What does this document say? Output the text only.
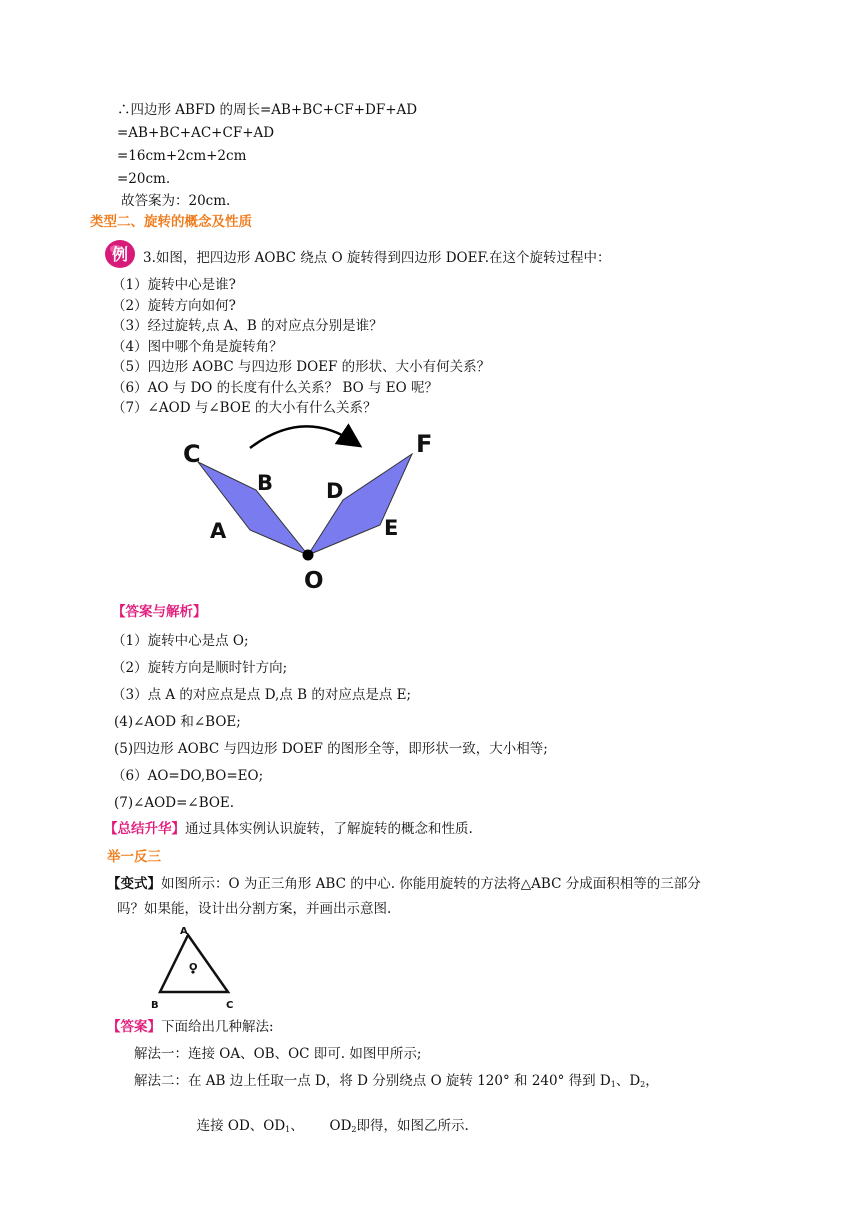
∴四边形 ABFD 的周长=AB+BC+CF+DF+AD
=AB+BC+AC+CF+AD
=16cm+2cm+2cm
=20cm.
故答案为：20cm.
类型二、旋转的概念及性质
例 3.如图，把四边形 AOBC 绕点 O 旋转得到四边形 DOEF.在这个旋转过程中：
（1）旋转中心是谁?
（2）旋转方向如何?
（3）经过旋转,点 A、B 的对应点分别是谁？
（4）图中哪个角是旋转角？
（5）四边形 AOBC 与四边形 DOEF 的形状、大小有何关系？
（6）AO 与 DO 的长度有什么关系？ BO 与 EO 呢？
（7）∠AOD 与∠BOE 的大小有什么关系？
C
B
A
D
F
E
O
【答案与解析】
（1）旋转中心是点 O;
（2）旋转方向是顺时针方向;
（3）点 A 的对应点是点 D,点 B 的对应点是点 E;
(4)∠AOD 和∠BOE;
(5)四边形 AOBC 与四边形 DOEF 的图形全等，即形状一致，大小相等;
（6）AO=DO,BO=EO;
(7)∠AOD=∠BOE.
【总结升华】通过具体实例认识旋转，了解旋转的概念和性质.
举一反三
【变式】如图所示：O 为正三角形 ABC 的中心. 你能用旋转的方法将△ABC 分成面积相等的三部分
吗？如果能，设计出分割方案，并画出示意图.
A
B	C
O
【答案】下面给出几种解法:
解法一：连接 OA、OB、OC 即可. 如图甲所示;
解法二：在 AB 边上任取一点 D，将 D 分别绕点 O 旋转 120° 和 240° 得到 $D_1$、$D_2$，

连接 OD、$OD_1$、      $OD_2$即得，如图乙所示.
